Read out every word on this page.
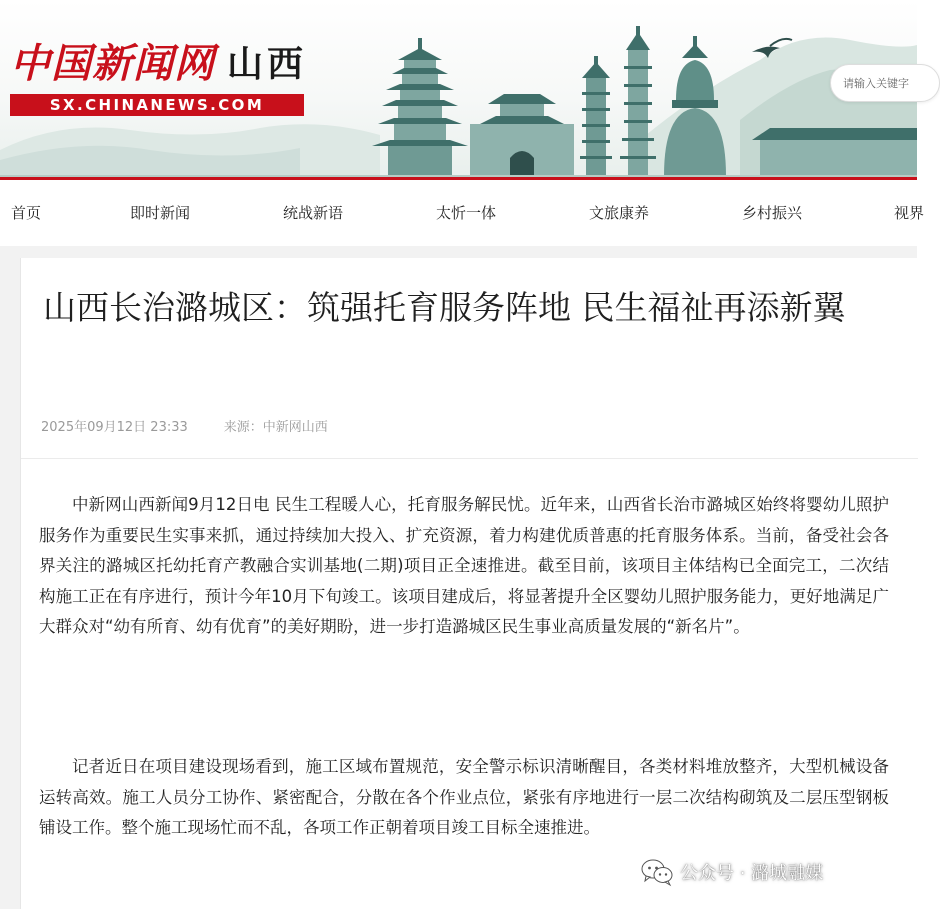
中国新闻网 山西
SX.CHINANEWS.COM
请输入关键字
首页	即时新闻	统战新语	太忻一体	文旅康养	乡村振兴	视界
山西长治潞城区：筑强托育服务阵地 民生福祉再添新翼
2025年09月12日 23:33	来源：中新网山西

中新网山西新闻9月12日电 民生工程暖人心，托育服务解民忧。近年来，山西省长治市潞城区始终将婴幼儿照护服务作为重要民生实事来抓，通过持续加大投入、扩充资源，着力构建优质普惠的托育服务体系。当前，备受社会各界关注的潞城区托幼托育产教融合实训基地(二期)项目正全速推进。截至目前，该项目主体结构已全面完工，二次结构施工正在有序进行，预计今年10月下旬竣工。该项目建成后，将显著提升全区婴幼儿照护服务能力，更好地满足广大群众对“幼有所育、幼有优育”的美好期盼，进一步打造潞城区民生事业高质量发展的“新名片”。

记者近日在项目建设现场看到，施工区域布置规范，安全警示标识清晰醒目，各类材料堆放整齐，大型机械设备运转高效。施工人员分工协作、紧密配合，分散在各个作业点位，紧张有序地进行一层二次结构砌筑及二层压型钢板铺设工作。整个施工现场忙而不乱，各项工作正朝着项目竣工目标全速推进。

公众号 · 潞城融媒
